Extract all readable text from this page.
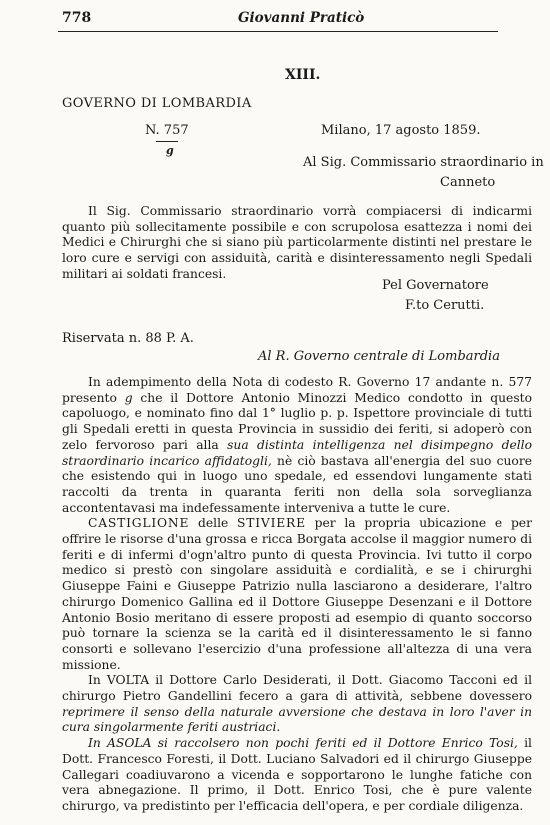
778	Giovanni Praticò
XIII.
GOVERNO DI LOMBARDIA
N. 757
g
Milano, 17 agosto 1859.
Al Sig. Commissario straordinario in
Canneto

Il Sig. Commissario straordinario vorrà compiacersi di indicarmi quanto più sollecitamente possibile e con scrupolosa esattezza i nomi dei Medici e Chirurghi che si siano più particolarmente distinti nel prestare le loro cure e servigi con assiduità, carità e disinteressamento negli Spedali militari ai soldati francesi.

Pel Governatore
F.to Cerutti.
Riservata n. 88 P. A.
Al R. Governo centrale di Lombardia

In adempimento della Nota di codesto R. Governo 17 andante n. 577 presento g che il Dottore Antonio Minozzi Medico condotto in questo capoluogo, e nominato fino dal 1° luglio p. p. Ispettore provinciale di tutti gli Spedali eretti in questa Provincia in sussidio dei feriti, si adoperò con zelo fervoroso pari alla sua distinta intelligenza nel disimpegno dello straordinario incarico affidatogli, nè ciò bastava all'energia del suo cuore che esistendo qui in luogo uno spedale, ed essendovi lungamente stati raccolti da trenta in quaranta feriti non della sola sorveglianza accontentavasi ma indefessamente interveniva a tutte le cure.

CASTIGLIONE delle STIVIERE per la propria ubicazione e per offrire le risorse d'una grossa e ricca Borgata accolse il maggior numero di feriti e di infermi d'ogn'altro punto di questa Provincia. Ivi tutto il corpo medico si prestò con singolare assiduità e cordialità, e se i chirurghi Giuseppe Faini e Giuseppe Patrizio nulla lasciarono a desiderare, l'altro chirurgo Domenico Gallina ed il Dottore Giuseppe Desenzani e il Dottore Antonio Bosio meritano di essere proposti ad esempio di quanto soccorso può tornare la scienza se la carità ed il disinteressamento le si fanno consorti e sollevano l'esercizio d'una professione all'altezza di una vera missione.

In VOLTA il Dottore Carlo Desiderati, il Dott. Giacomo Tacconi ed il chirurgo Pietro Gandellini fecero a gara di attività, sebbene dovessero reprimere il senso della naturale avversione che destava in loro l'aver in cura singolarmente feriti austriaci.

In ASOLA si raccolsero non pochi feriti ed il Dottore Enrico Tosi, il Dott. Francesco Foresti, il Dott. Luciano Salvadori ed il chirurgo Giuseppe Callegari coadiuvarono a vicenda e sopportarono le lunghe fatiche con vera abnegazione. Il primo, il Dott. Enrico Tosi, che è pure valente chirurgo, va predistinto per l'efficacia dell'opera, e per cordiale diligenza.
